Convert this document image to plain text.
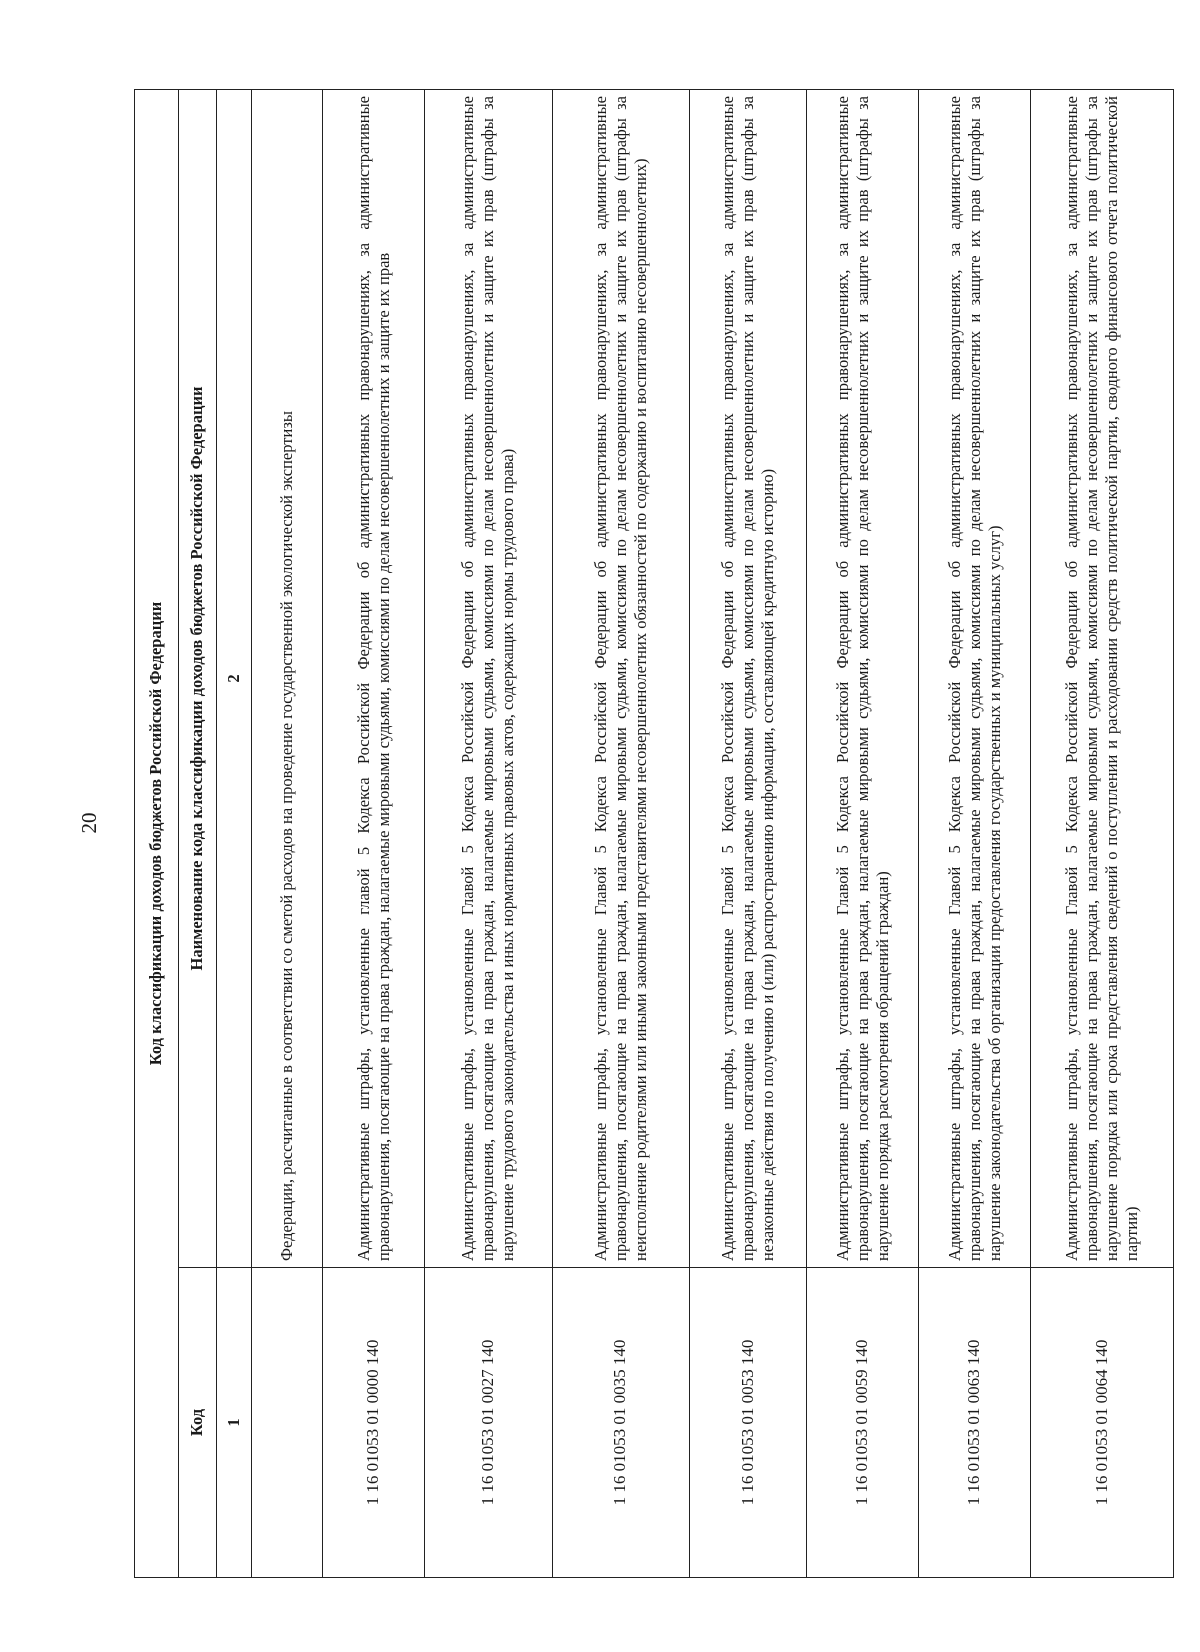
20	Код классификации доходов бюджетов Российской Федерации	
Код	Наименование кода классификации доходов бюджетов Российской Федерации
1	2
	Федерации, рассчитанные в соответствии со сметой расходов на проведение государственной экологической экспертизы
1 16 01053 01 0000 140	Административные штрафы, установленные главой 5 Кодекса Российской Федерации об административных правонарушениях, за административные правонарушения, посягающие на права граждан, налагаемые мировыми судьями, комиссиями по делам несовершеннолетних и защите их прав
1 16 01053 01 0027 140	Административные штрафы, установленные Главой 5 Кодекса Российской Федерации об административных правонарушениях, за административные правонарушения, посягающие на права граждан, налагаемые мировыми судьями, комиссиями по делам несовершеннолетних и защите их прав (штрафы за нарушение трудового законодательства и иных нормативных правовых актов, содержащих нормы трудового права)
1 16 01053 01 0035 140	Административные штрафы, установленные Главой 5 Кодекса Российской Федерации об административных правонарушениях, за административные правонарушения, посягающие на права граждан, налагаемые мировыми судьями, комиссиями по делам несовершеннолетних и защите их прав (штрафы за неисполнение родителями или иными законными представителями несовершеннолетних обязанностей по содержанию и воспитанию несовершеннолетних)
1 16 01053 01 0053 140	Административные штрафы, установленные Главой 5 Кодекса Российской Федерации об административных правонарушениях, за административные правонарушения, посягающие на права граждан, налагаемые мировыми судьями, комиссиями по делам несовершеннолетних и защите их прав (штрафы за незаконные действия по получению и (или) распространению информации, составляющей кредитную историю)
1 16 01053 01 0059 140	Административные штрафы, установленные Главой 5 Кодекса Российской Федерации об административных правонарушениях, за административные правонарушения, посягающие на права граждан, налагаемые мировыми судьями, комиссиями по делам несовершеннолетних и защите их прав (штрафы за нарушение порядка рассмотрения обращений граждан)
1 16 01053 01 0063 140	Административные штрафы, установленные Главой 5 Кодекса Российской Федерации об административных правонарушениях, за административные правонарушения, посягающие на права граждан, налагаемые мировыми судьями, комиссиями по делам несовершеннолетних и защите их прав (штрафы за нарушение законодательства об организации предоставления государственных и муниципальных услуг)
1 16 01053 01 0064 140	Административные штрафы, установленные Главой 5 Кодекса Российской Федерации об административных правонарушениях, за административные правонарушения, посягающие на права граждан, налагаемые мировыми судьями, комиссиями по делам несовершеннолетних и защите их прав (штрафы за нарушение порядка или срока представления сведений о поступлении и расходовании средств политической партии, сводного финансового отчета политической партии)
